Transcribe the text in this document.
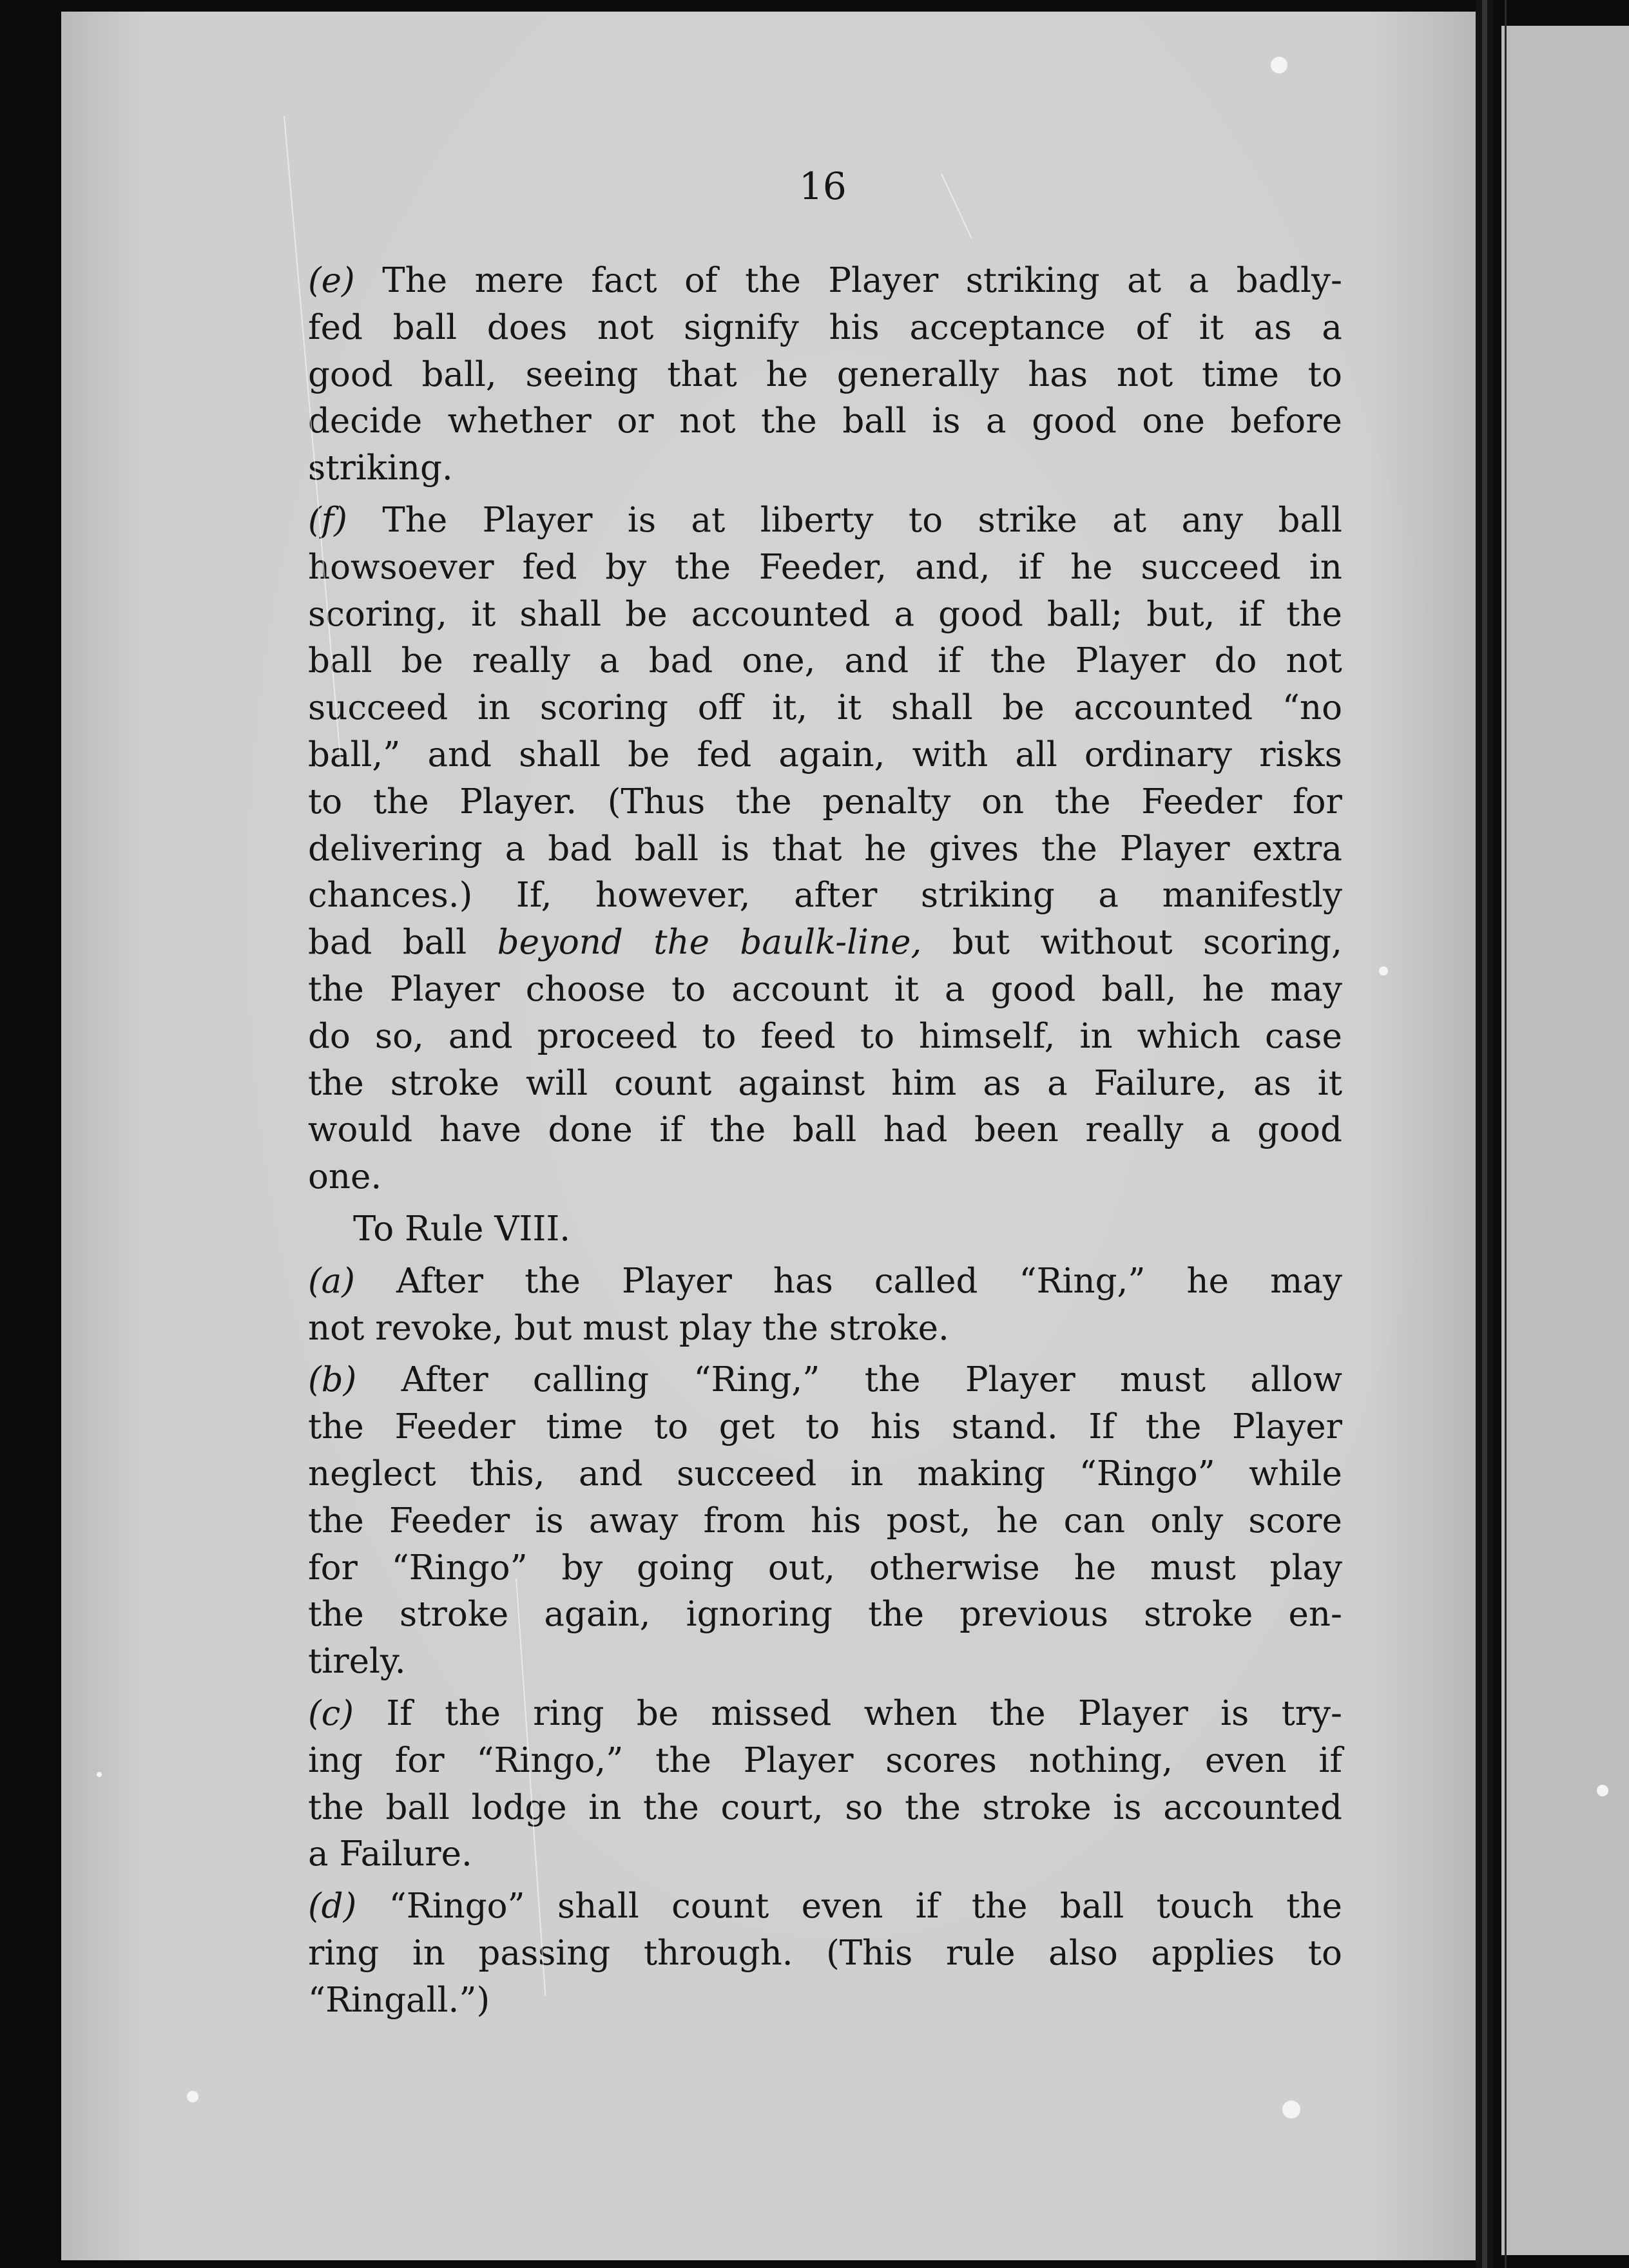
16
(e) The mere fact of the Player striking at a badly-
fed ball does not signify his acceptance of it as a
good ball, seeing that he generally has not time to
decide whether or not the ball is a good one before
striking.
(f) The Player is at liberty to strike at any ball
howsoever fed by the Feeder, and, if he succeed in
scoring, it shall be accounted a good ball; but, if the
ball be really a bad one, and if the Player do not
succeed in scoring off it, it shall be accounted “no
ball,” and shall be fed again, with all ordinary risks
to the Player. (Thus the penalty on the Feeder for
delivering a bad ball is that he gives the Player extra
chances.) If, however, after striking a manifestly
bad ball beyond the baulk-line, but without scoring,
the Player choose to account it a good ball, he may
do so, and proceed to feed to himself, in which case
the stroke will count against him as a Failure, as it
would have done if the ball had been really a good
one.
To Rule VIII.
(a) After the Player has called “Ring,” he may
not revoke, but must play the stroke.
(b) After calling “Ring,” the Player must allow
the Feeder time to get to his stand. If the Player
neglect this, and succeed in making “Ringo” while
the Feeder is away from his post, he can only score
for “Ringo” by going out, otherwise he must play
the stroke again, ignoring the previous stroke en-
tirely.
(c) If the ring be missed when the Player is try-
ing for “Ringo,” the Player scores nothing, even if
the ball lodge in the court, so the stroke is accounted
a Failure.
(d) “Ringo” shall count even if the ball touch the
ring in passing through. (This rule also applies to
“Ringall.”)
